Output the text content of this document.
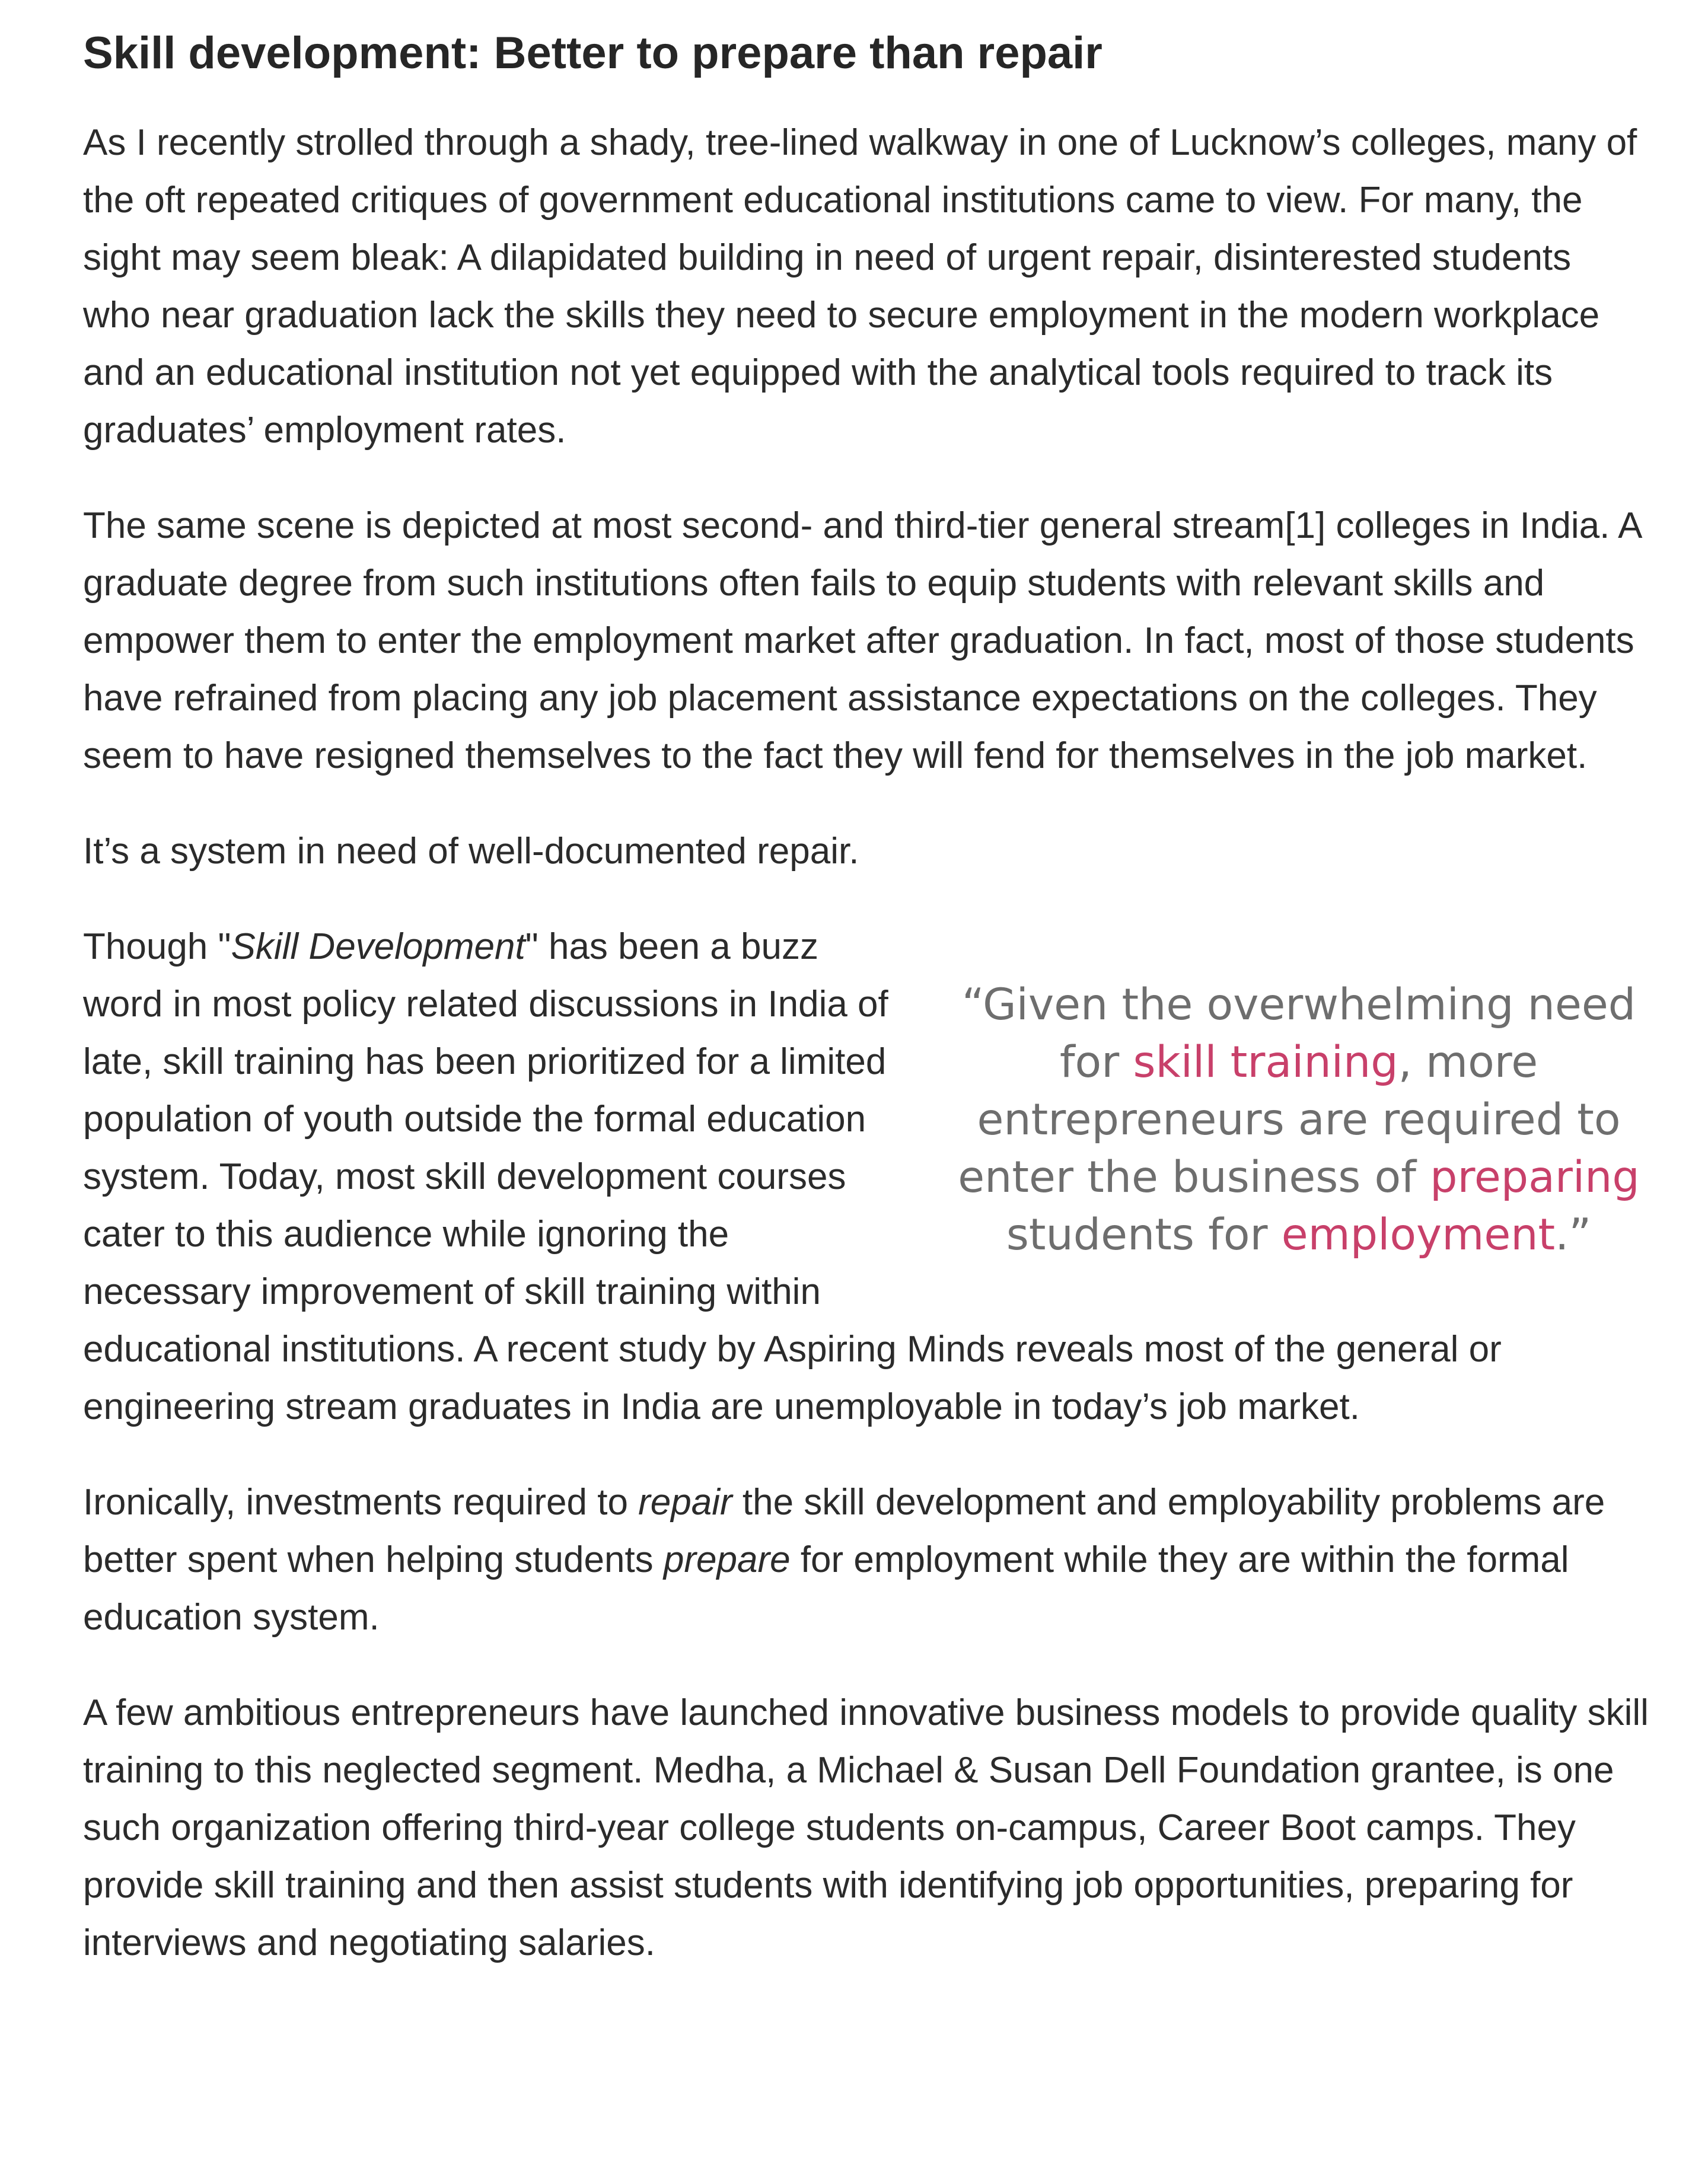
Skill development: Better to prepare than repair

As I recently strolled through a shady, tree-lined walkway in one of Lucknow’s colleges, many of the oft repeated critiques of government educational institutions came to view. For many, the sight may seem bleak: A dilapidated building in need of urgent repair, disinterested students who near graduation lack the skills they need to secure employment in the modern workplace and an educational institution not yet equipped with the analytical tools required to track its graduates’ employment rates.

The same scene is depicted at most second- and third-tier general stream[1] colleges in India. A graduate degree from such institutions often fails to equip students with relevant skills and empower them to enter the employment market after graduation. In fact, most of those students have refrained from placing any job placement assistance expectations on the colleges. They seem to have resigned themselves to the fact they will fend for themselves in the job market.

It’s a system in need of well-documented repair.

“Given the overwhelming need for skill training, more entrepreneurs are required to enter the business of preparing students for employment.”

Though "Skill Development" has been a buzz word in most policy related discussions in India of late, skill training has been prioritized for a limited population of youth outside the formal education system. Today, most skill development courses cater to this audience while ignoring the necessary improvement of skill training within educational institutions. A recent study by Aspiring Minds reveals most of the general or engineering stream graduates in India are unemployable in today’s job market.

Ironically, investments required to repair the skill development and employability problems are better spent when helping students prepare for employment while they are within the formal education system.

A few ambitious entrepreneurs have launched innovative business models to provide quality skill training to this neglected segment. Medha, a Michael & Susan Dell Foundation grantee, is one such organization offering third-year college students on-campus, Career Boot camps. They provide skill training and then assist students with identifying job opportunities, preparing for interviews and negotiating salaries.
